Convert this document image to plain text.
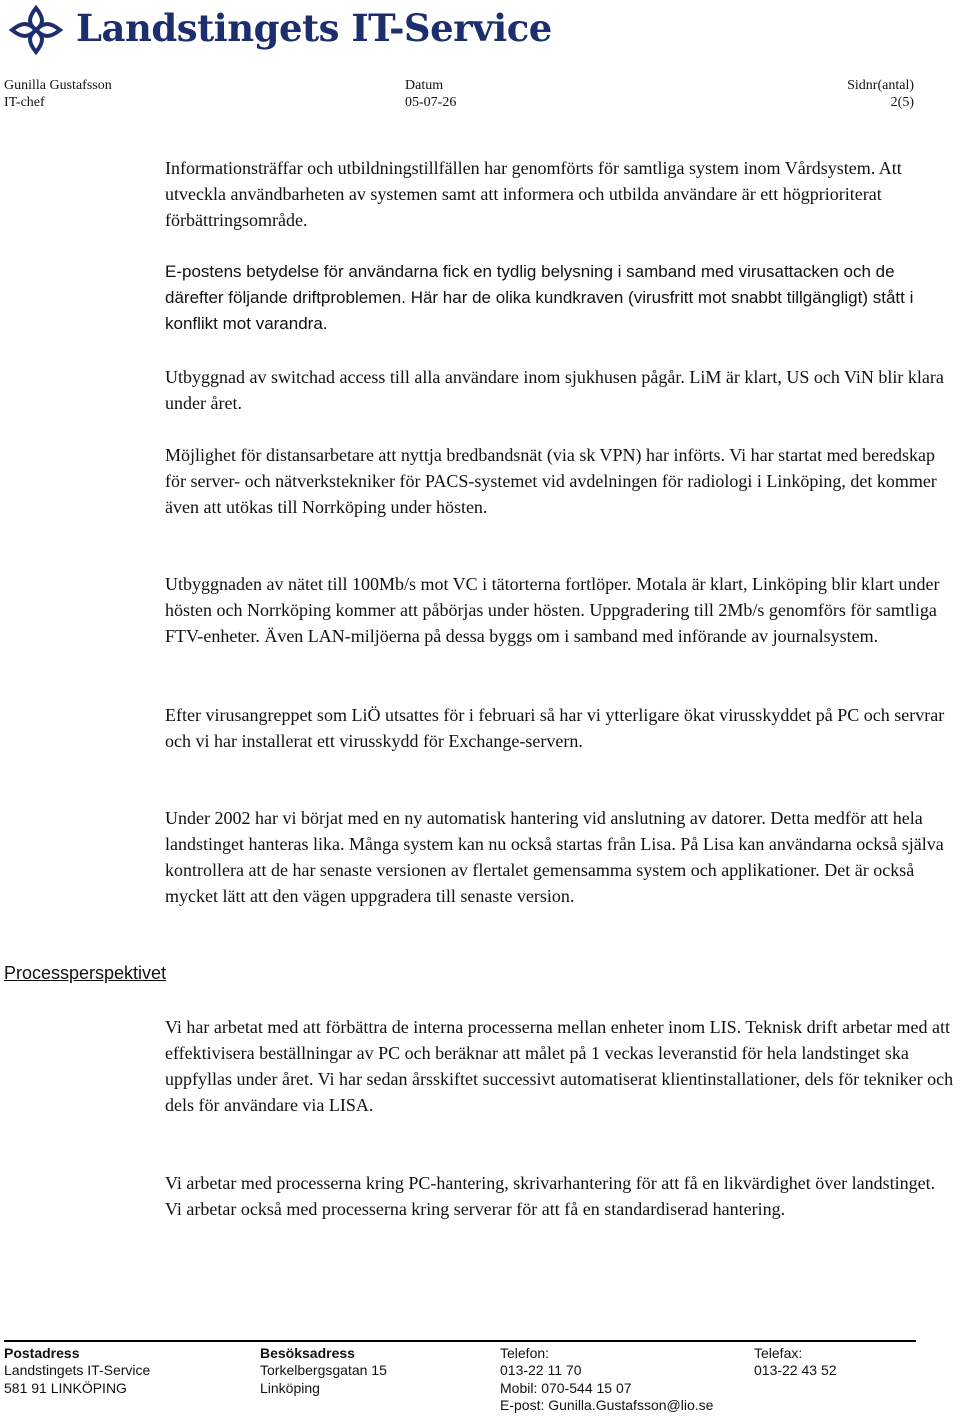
Landstingets IT-Service
Gunilla Gustafsson
IT-chef
Datum
05-07-26
Sidnr(antal)
2(5)

Informationsträffar och utbildningstillfällen har genomförts för samtliga system inom Vårdsystem. Att utveckla användbarheten av systemen samt att informera och utbilda användare är ett högprioriterat förbättringsområde.

E-postens betydelse för användarna fick en tydlig belysning i samband med virusattacken och de därefter följande driftproblemen. Här har de olika kundkraven (virusfritt mot snabbt tillgängligt) stått i konflikt mot varandra.

Utbyggnad av switchad access till alla användare inom sjukhusen pågår. LiM är klart, US och ViN blir klara under året.

Möjlighet för distansarbetare att nyttja bredbandsnät (via sk VPN) har införts. Vi har startat med beredskap för server- och nätverkstekniker för PACS-systemet vid avdelningen för radiologi i Linköping, det kommer även att utökas till Norrköping under hösten.

Utbyggnaden av nätet till 100Mb/s mot VC i tätorterna fortlöper. Motala är klart, Linköping blir klart under hösten och Norrköping kommer att påbörjas under hösten. Uppgradering till 2Mb/s genomförs för samtliga FTV-enheter. Även LAN-miljöerna på dessa byggs om i samband med införande av journalsystem.

Efter virusangreppet som LiÖ utsattes för i februari så har vi ytterligare ökat virusskyddet på PC och servrar och vi har installerat ett virusskydd för Exchange-servern.

Under 2002 har vi börjat med en ny automatisk hantering vid anslutning av datorer. Detta medför att hela landstinget hanteras lika. Många system kan nu också startas från Lisa. På Lisa kan användarna också själva kontrollera att de har senaste versionen av flertalet gemensamma system och applikationer. Det är också mycket lätt att den vägen uppgradera till senaste version.

Processperspektivet

Vi har arbetat med att förbättra de interna processerna mellan enheter inom LIS. Teknisk drift arbetar med att effektivisera beställningar av PC och beräknar att målet på 1 veckas leveranstid för hela landstinget ska uppfyllas under året. Vi har sedan årsskiftet successivt automatiserat klientinstallationer, dels för tekniker och dels för användare via LISA.

Vi arbetar med processerna kring PC-hantering, skrivarhantering för att få en likvärdighet över landstinget. Vi arbetar också med processerna kring serverar för att få en standardiserad hantering.

Postadress
Landstingets IT-Service
581 91 LINKÖPING
Besöksadress
Torkelbergsgatan 15
Linköping
Telefon:
013-22 11 70
Mobil: 070-544 15 07
E-post: Gunilla.Gustafsson@lio.se
Telefax:
013-22 43 52
